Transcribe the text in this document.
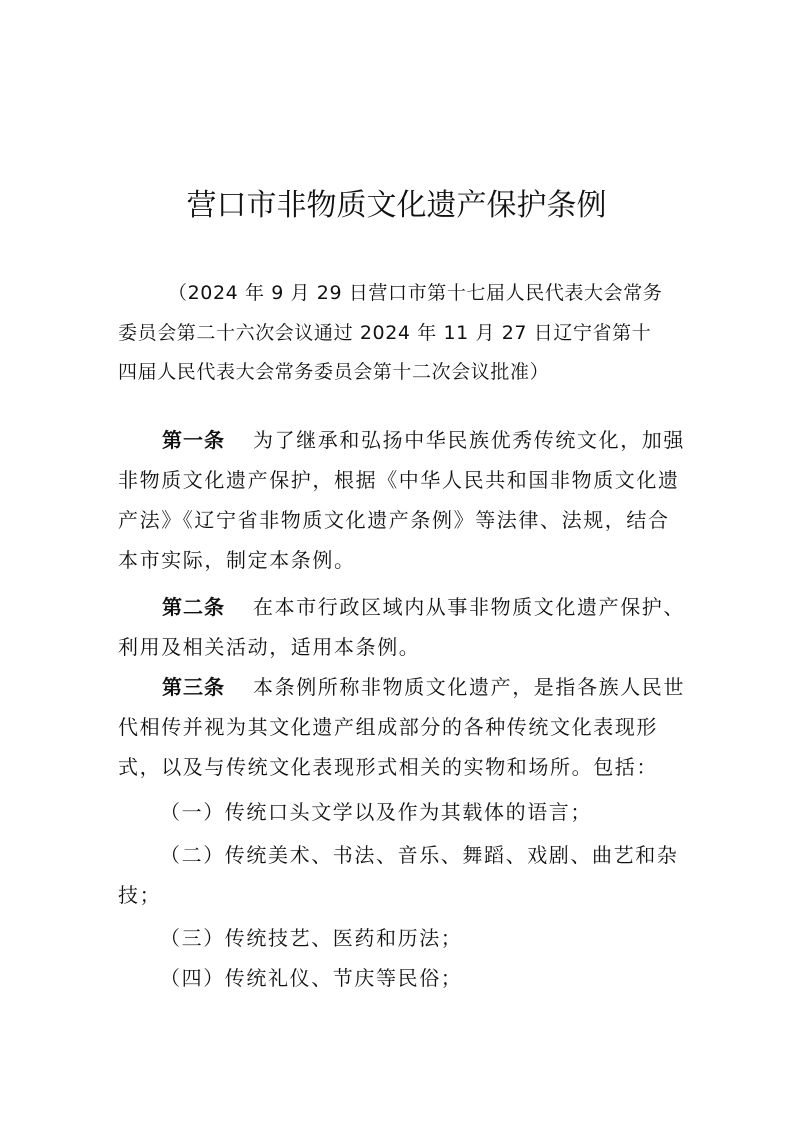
营口市非物质文化遗产保护条例
（2024 年 9 月 29 日营口市第十七届人民代表大会常务
委员会第二十六次会议通过 2024 年 11 月 27 日辽宁省第十
四届人民代表大会常务委员会第十二次会议批准）
第一条 为了继承和弘扬中华民族优秀传统文化，加强
非物质文化遗产保护，根据《中华人民共和国非物质文化遗
产法》《辽宁省非物质文化遗产条例》等法律、法规，结合
本市实际，制定本条例。
第二条 在本市行政区域内从事非物质文化遗产保护、
利用及相关活动，适用本条例。
第三条 本条例所称非物质文化遗产，是指各族人民世
代相传并视为其文化遗产组成部分的各种传统文化表现形
式，以及与传统文化表现形式相关的实物和场所。包括：
（一）传统口头文学以及作为其载体的语言；
（二）传统美术、书法、音乐、舞蹈、戏剧、曲艺和杂
技；
（三）传统技艺、医药和历法；
（四）传统礼仪、节庆等民俗；
